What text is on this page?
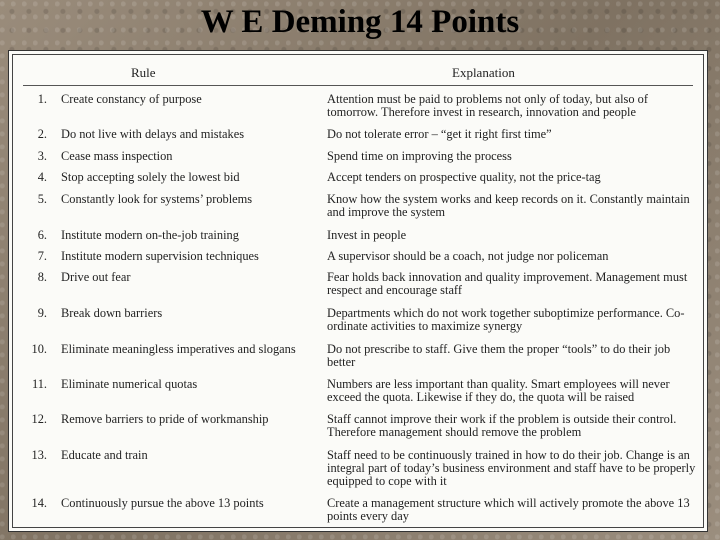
W E Deming 14 Points
Rule	Explanation
1. Create constancy of purpose	Attention must be paid to problems not only of today, but also of tomorrow. Therefore invest in research, innovation and people
2. Do not live with delays and mistakes	Do not tolerate error – “get it right first time”
3. Cease mass inspection	Spend time on improving the process
4. Stop accepting solely the lowest bid	Accept tenders on prospective quality, not the price-tag
5. Constantly look for systems’ problems	Know how the system works and keep records on it. Constantly maintain and improve the system
6. Institute modern on-the-job training	Invest in people
7. Institute modern supervision techniques	A supervisor should be a coach, not judge nor policeman
8. Drive out fear	Fear holds back innovation and quality improvement. Management must respect and encourage staff
9. Break down barriers	Departments which do not work together suboptimize performance. Co-ordinate activities to maximize synergy
10. Eliminate meaningless imperatives and slogans	Do not prescribe to staff. Give them the proper “tools” to do their job better
11. Eliminate numerical quotas	Numbers are less important than quality. Smart employees will never exceed the quota. Likewise if they do, the quota will be raised
12. Remove barriers to pride of workmanship	Staff cannot improve their work if the problem is outside their control. Therefore management should remove the problem
13. Educate and train	Staff need to be continuously trained in how to do their job. Change is an integral part of today’s business environment and staff have to be properly equipped to cope with it
14. Continuously pursue the above 13 points	Create a management structure which will actively promote the above 13 points every day
